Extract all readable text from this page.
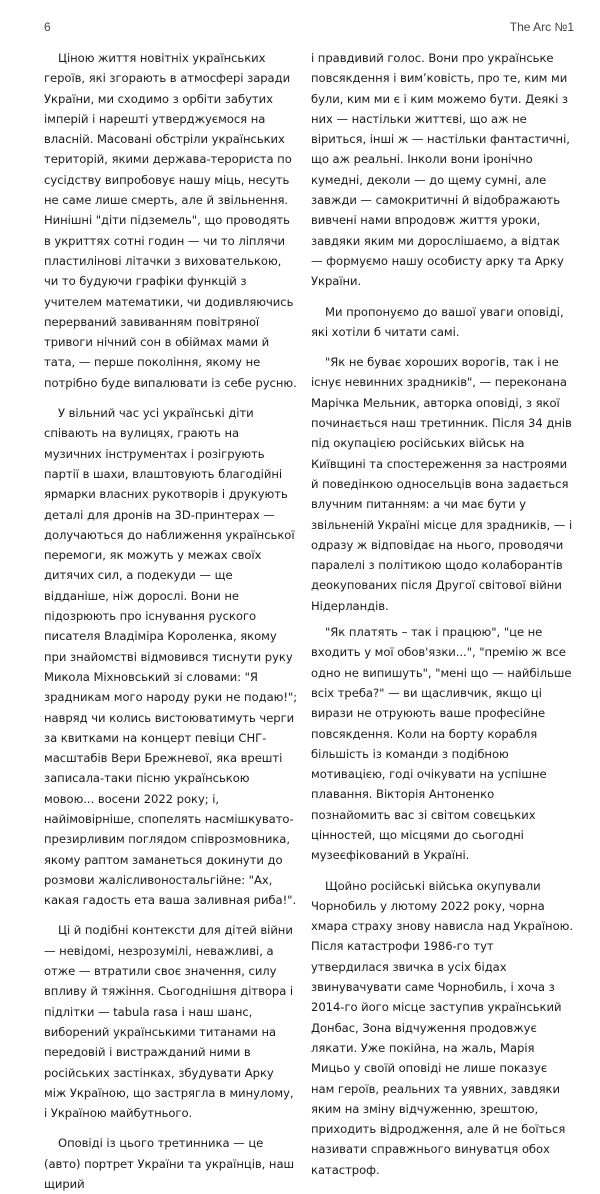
6	The Arc №1
Ціною життя новітніх українських героїв, які згорають в атмосфері заради України, ми сходимо з орбіти забутих імперій і нарешті утверджуємося на власній. Масовані обстріли українських територій, якими держава-терориста по сусідству випробовує нашу міць, несуть не саме лише смерть, але й звільнення. Нинішні "діти підземель", що проводять в укриттях сотні годин — чи то ліплячи пластилінові літачки з вихователькою, чи то будуючи графіки функцій з учителем математики, чи додивляючись перерваний завиванням повітряної тривоги нічний сон в обіймах мами й тата, — перше покоління, якому не потрібно буде випалювати із себе русню.
У вільний час усі українські діти співають на вулицях, грають на музичних інструментах і розігрують партії в шахи, влаштовують благодійні ярмарки власних рукотворів і друкують деталі для дронів на 3D-принтерах — долучаються до наближення української перемоги, як можуть у межах своїх дитячих сил, а подекуди — ще відданіше, ніж дорослі. Вони не підозрюють про існування руского писателя Владіміра Короленка, якому при знайомстві відмовився тиснути руку Микола Міхновський зі словами: "Я зрадникам мого народу руки не подаю!"; навряд чи колись вистоюватимуть черги за квитками на концерт певіци СНГ-масштабів Вери Брежневої, яка врешті записала-таки пісню українською мовою... восени 2022 року; і, найімовірніше, спопелять насмішкувато-презирливим поглядом співрозмовника, якому раптом заманеться докинути до розмови жалісливоностальгійне: "Ах, какая гадость ета ваша заливная риба!".
Ці й подібні контексти для дітей війни — невідомі, незрозумілі, неважливі, а отже — втратили своє значення, силу впливу й тяжіння. Сьогоднішня дітвора і підлітки — tabula rasa і наш шанс, виборений українськими титанами на передовій і вистражданий ними в російських застінках, збудувати Арку між Україною, що застрягла в минулому, і Україною майбутнього.
Оповіді із цього третинника — це (авто) портрет України та українців, наш щирий
і правдивий голос. Вони про українське повсякдення і вимʼковість, про те, ким ми були, ким ми є і ким можемо бути. Деякі з них — настільки життєві, що аж не віриться, інші ж — настільки фантастичні, що аж реальні. Інколи вони іронічно кумедні, деколи — до щему сумні, але завжди — самокритичні й відображають вивчені нами впродовж життя уроки, завдяки яким ми дорослішаємо, а відтак — формуємо нашу особисту арку та Арку України.
Ми пропонуємо до вашої уваги оповіді, які хотіли б читати самі.
"Як не буває хороших ворогів, так і не існує невинних зрадників", — переконана Марічка Мельник, авторка оповіді, з якої починається наш третинник. Після 34 днів під окупацією російських військ на Київщині та спостереження за настроями й поведінкою односельців вона задається влучним питанням: а чи має бути у звільненій Україні місце для зрадників, — і одразу ж відповідає на нього, проводячи паралелі з політикою щодо колаборантів деокупованих після Другої світової війни Нідерландів.
"Як платять – так і працюю", "це не входить у мої обов'язки...", "премію ж все одно не випишуть", "мені що — найбільше всіх треба?" — ви щасливчик, якщо ці вирази не отруюють ваше професійне повсякдення. Коли на борту корабля більшість із команди з подібною мотивацією, годі очікувати на успішне плавання. Вікторія Антоненко познайомить вас зі світом совєцьких цінностей, що місцями до сьогодні музеєфікований в Україні.
Щойно російські війська окупували Чорнобиль у лютому 2022 року, чорна хмара страху знову нависла над Україною. Після катастрофи 1986-го тут утвердилася звичка в усіх бідах звинувачувати саме Чорнобиль, і хоча з 2014-го його місце заступив український Донбас, Зона відчуження продовжує лякати. Уже покійна, на жаль, Марія Мицьо у своїй оповіді не лише показує нам героїв, реальних та уявних, завдяки яким на зміну відчуженню, зрештою, приходить відродження, але й не боїться називати справжнього винуватця обох катастроф.
